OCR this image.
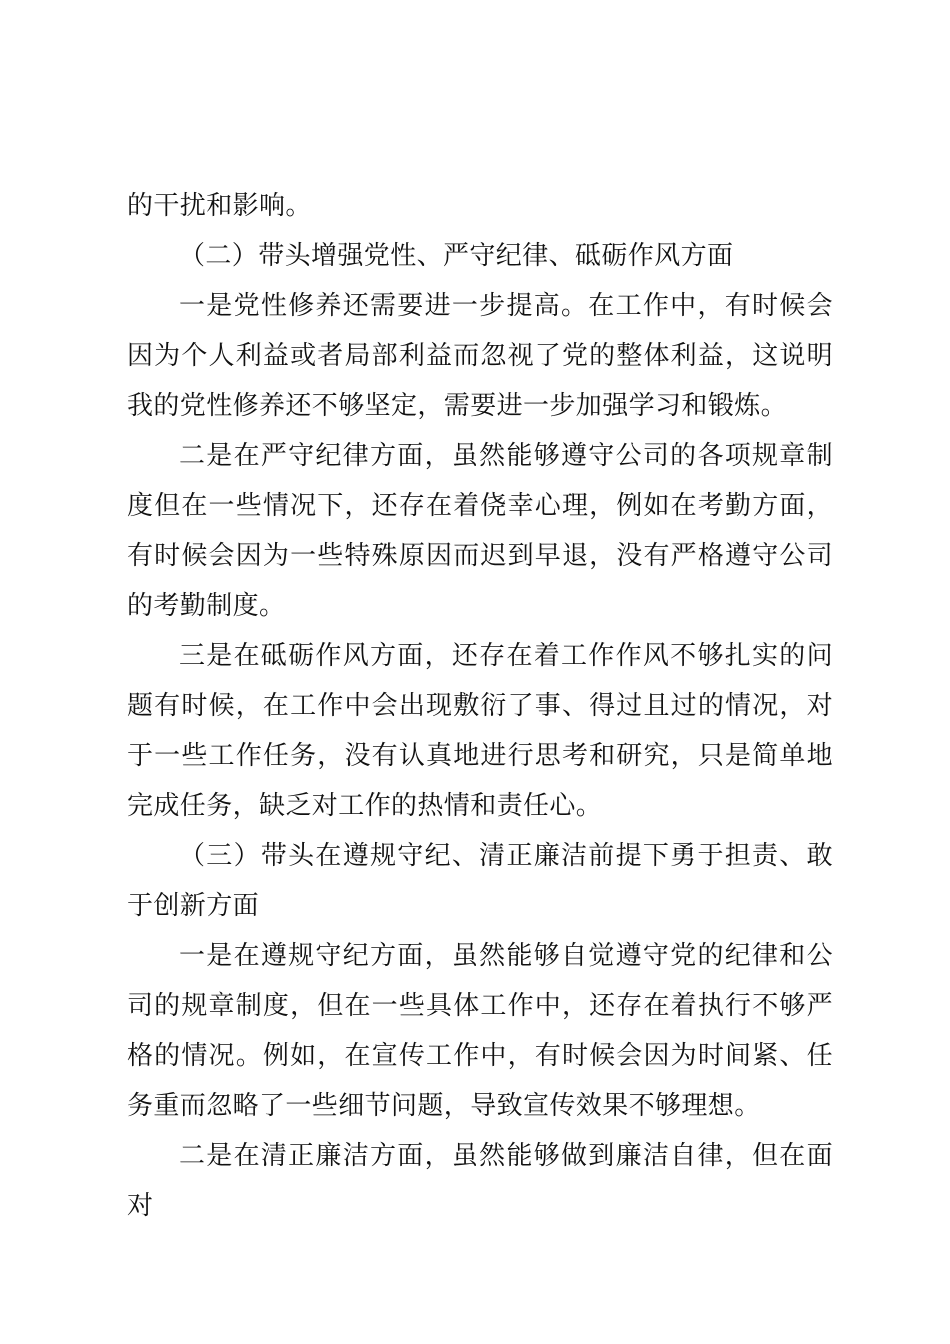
的干扰和影响。

（二）带头增强党性、严守纪律、砥砺作风方面

一是党性修养还需要进一步提高。在工作中，有时候会因为个人利益或者局部利益而忽视了党的整体利益，这说明我的党性修养还不够坚定，需要进一步加强学习和锻炼。

二是在严守纪律方面，虽然能够遵守公司的各项规章制度但在一些情况下，还存在着侥幸心理，例如在考勤方面，有时候会因为一些特殊原因而迟到早退，没有严格遵守公司的考勤制度。

三是在砥砺作风方面，还存在着工作作风不够扎实的问题有时候，在工作中会出现敷衍了事、得过且过的情况，对于一些工作任务，没有认真地进行思考和研究，只是简单地完成任务，缺乏对工作的热情和责任心。

（三）带头在遵规守纪、清正廉洁前提下勇于担责、敢于创新方面

一是在遵规守纪方面，虽然能够自觉遵守党的纪律和公司的规章制度，但在一些具体工作中，还存在着执行不够严格的情况。例如，在宣传工作中，有时候会因为时间紧、任务重而忽略了一些细节问题，导致宣传效果不够理想。

二是在清正廉洁方面，虽然能够做到廉洁自律，但在面对
